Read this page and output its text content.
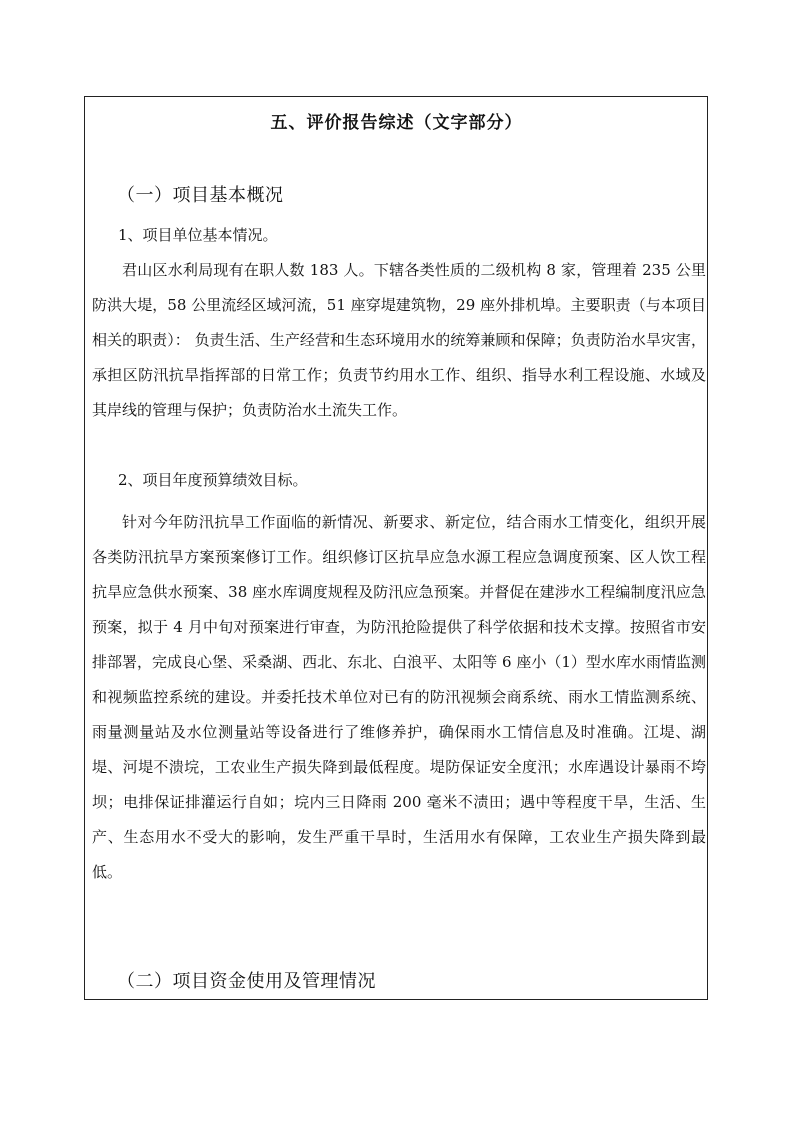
五、评价报告综述（文字部分）
（一）项目基本概况
1、项目单位基本情况。

君山区水利局现有在职人数 183 人。下辖各类性质的二级机构 8 家，管理着 235 公里防洪大堤，58 公里流经区域河流，51 座穿堤建筑物，29 座外排机埠。主要职责（与本项目相关的职责）： 负责生活、生产经营和生态环境用水的统筹兼顾和保障；负责防治水旱灾害，承担区防汛抗旱指挥部的日常工作；负责节约用水工作、组织、指导水利工程设施、水域及其岸线的管理与保护；负责防治水土流失工作。

2、项目年度预算绩效目标。

针对今年防汛抗旱工作面临的新情况、新要求、新定位，结合雨水工情变化，组织开展各类防汛抗旱方案预案修订工作。组织修订区抗旱应急水源工程应急调度预案、区人饮工程抗旱应急供水预案、38 座水库调度规程及防汛应急预案。并督促在建涉水工程编制度汛应急预案，拟于 4 月中旬对预案进行审查，为防汛抢险提供了科学依据和技术支撑。按照省市安排部署，完成良心堡、采桑湖、西北、东北、白浪平、太阳等 6 座小（1）型水库水雨情监测和视频监控系统的建设。并委托技术单位对已有的防汛视频会商系统、雨水工情监测系统、雨量测量站及水位测量站等设备进行了维修养护，确保雨水工情信息及时准确。江堤、湖堤、河堤不溃垸，工农业生产损失降到最低程度。堤防保证安全度汛；水库遇设计暴雨不垮坝；电排保证排灌运行自如；垸内三日降雨 200 毫米不渍田；遇中等程度干旱，生活、生产、生态用水不受大的影响，发生严重干旱时，生活用水有保障，工农业生产损失降到最低。

（二）项目资金使用及管理情况
